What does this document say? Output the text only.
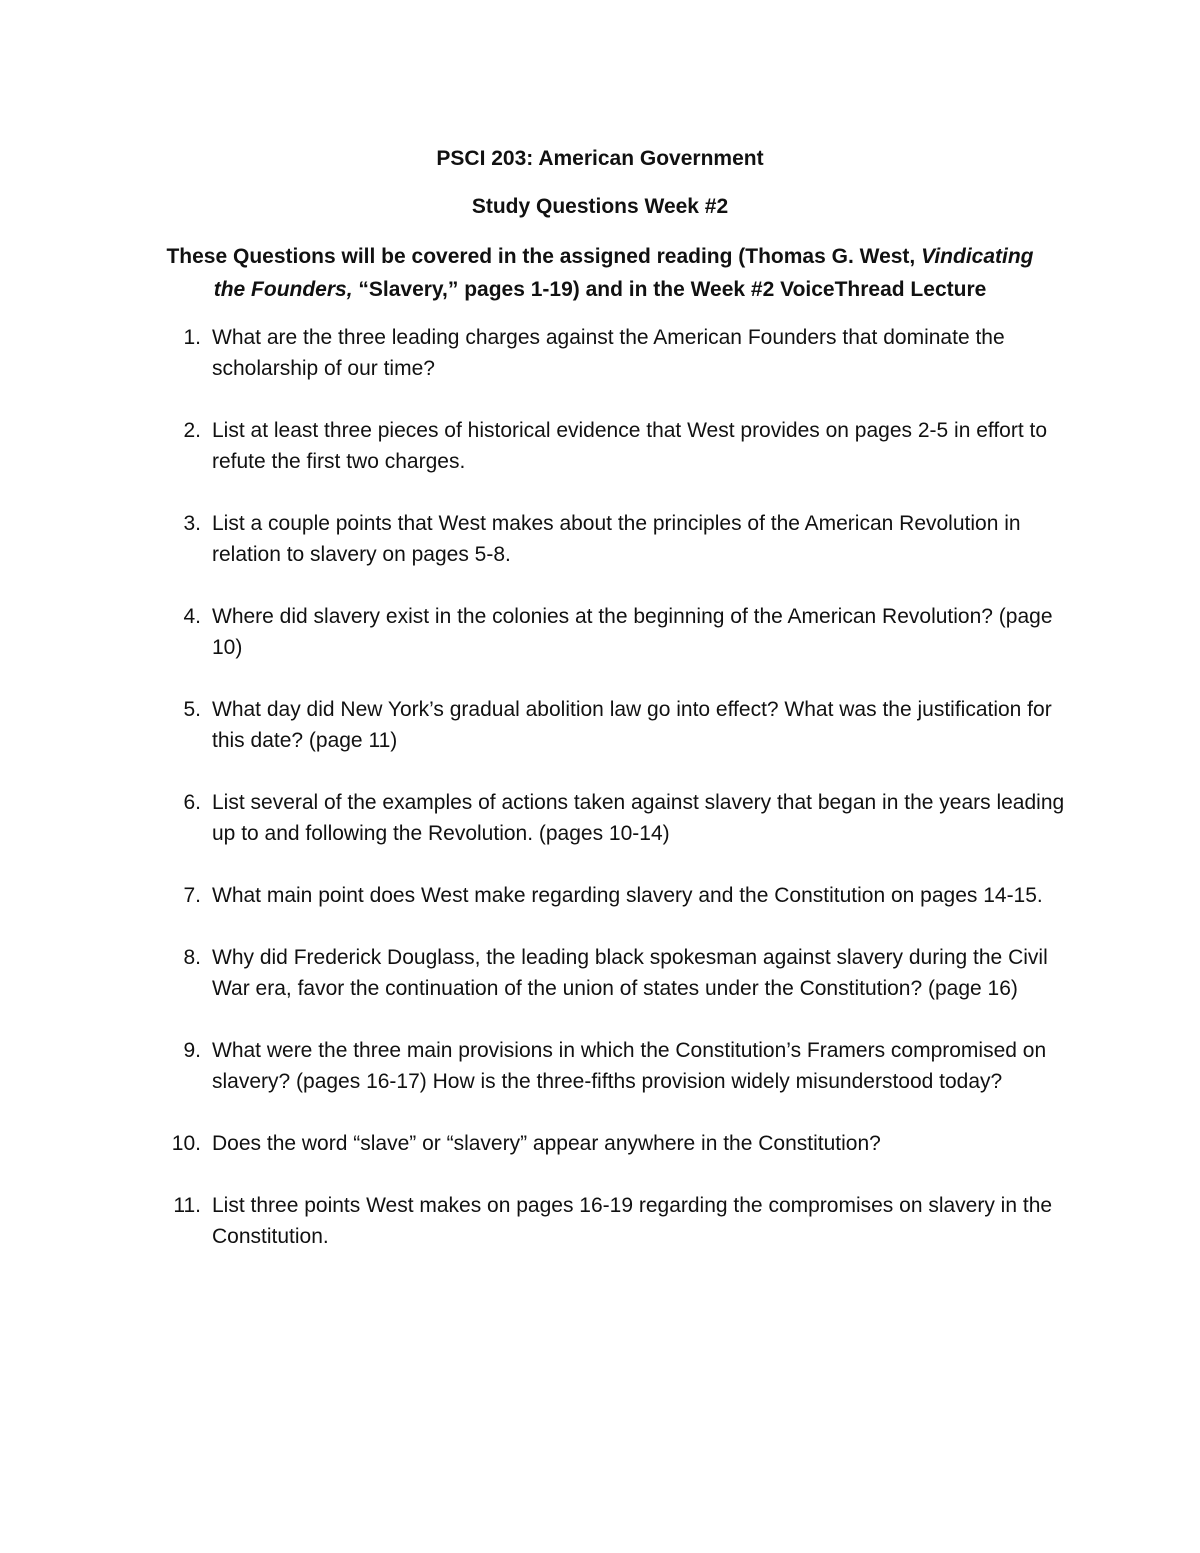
PSCI 203: American Government
Study Questions Week #2
These Questions will be covered in the assigned reading (Thomas G. West, Vindicating
the Founders, “Slavery,” pages 1-19) and in the Week #2 VoiceThread Lecture
1. What are the three leading charges against the American Founders that dominate the scholarship of our time?
2. List at least three pieces of historical evidence that West provides on pages 2-5 in effort to refute the first two charges.
3. List a couple points that West makes about the principles of the American Revolution in relation to slavery on pages 5-8.
4. Where did slavery exist in the colonies at the beginning of the American Revolution? (page 10)
5. What day did New York’s gradual abolition law go into effect? What was the justification for this date? (page 11)
6. List several of the examples of actions taken against slavery that began in the years leading up to and following the Revolution. (pages 10-14)
7. What main point does West make regarding slavery and the Constitution on pages 14-15.
8. Why did Frederick Douglass, the leading black spokesman against slavery during the Civil War era, favor the continuation of the union of states under the Constitution? (page 16)
9. What were the three main provisions in which the Constitution’s Framers compromised on slavery? (pages 16-17) How is the three-fifths provision widely misunderstood today?
10. Does the word “slave” or “slavery” appear anywhere in the Constitution?
11. List three points West makes on pages 16-19 regarding the compromises on slavery in the Constitution.
